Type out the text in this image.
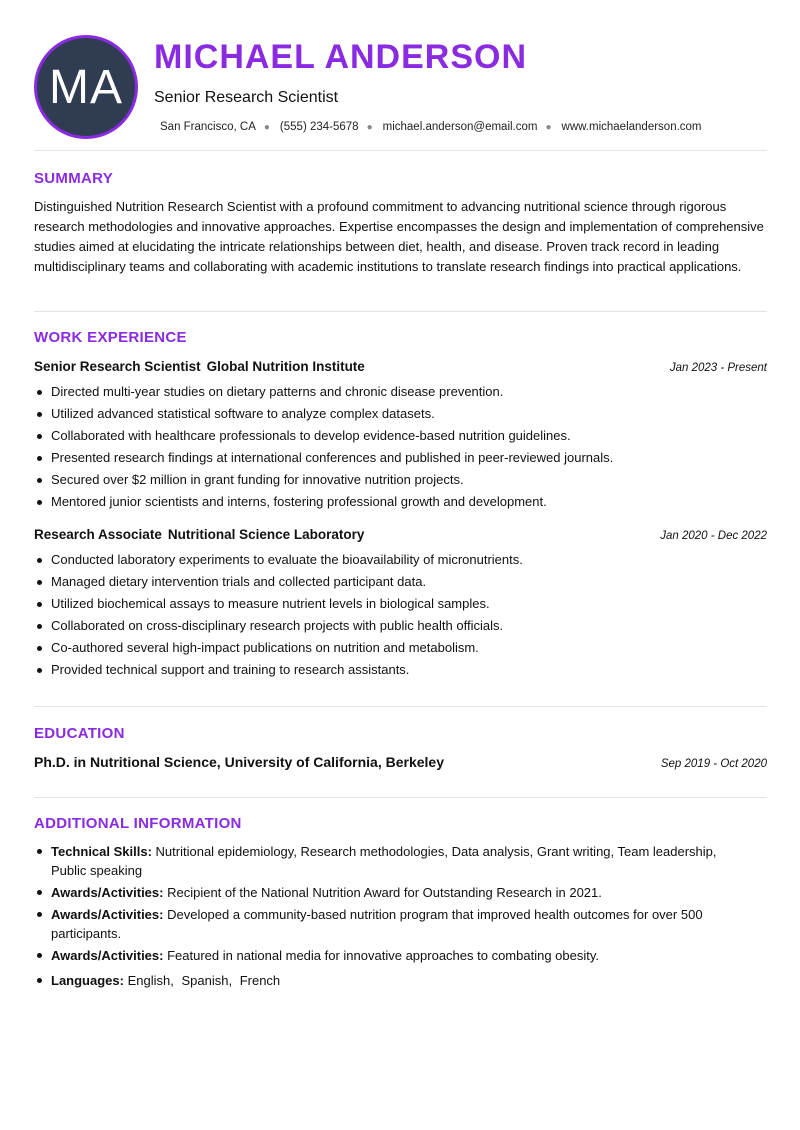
MA
MICHAEL ANDERSON
Senior Research Scientist
San Francisco, CA ● (555) 234-5678 ● michael.anderson@email.com ● www.michaelanderson.com
SUMMARY
Distinguished Nutrition Research Scientist with a profound commitment to advancing nutritional science through rigorous research methodologies and innovative approaches. Expertise encompasses the design and implementation of comprehensive studies aimed at elucidating the intricate relationships between diet, health, and disease. Proven track record in leading multidisciplinary teams and collaborating with academic institutions to translate research findings into practical applications.
WORK EXPERIENCE
Senior Research Scientist Global Nutrition Institute	Jan 2023 - Present
Directed multi-year studies on dietary patterns and chronic disease prevention.
Utilized advanced statistical software to analyze complex datasets.
Collaborated with healthcare professionals to develop evidence-based nutrition guidelines.
Presented research findings at international conferences and published in peer-reviewed journals.
Secured over $2 million in grant funding for innovative nutrition projects.
Mentored junior scientists and interns, fostering professional growth and development.
Research Associate Nutritional Science Laboratory	Jan 2020 - Dec 2022
Conducted laboratory experiments to evaluate the bioavailability of micronutrients.
Managed dietary intervention trials and collected participant data.
Utilized biochemical assays to measure nutrient levels in biological samples.
Collaborated on cross-disciplinary research projects with public health officials.
Co-authored several high-impact publications on nutrition and metabolism.
Provided technical support and training to research assistants.
EDUCATION
Ph.D. in Nutritional Science, University of California, Berkeley	Sep 2019 - Oct 2020
ADDITIONAL INFORMATION
Technical Skills: Nutritional epidemiology, Research methodologies, Data analysis, Grant writing, Team leadership, Public speaking
Awards/Activities: Recipient of the National Nutrition Award for Outstanding Research in 2021.
Awards/Activities: Developed a community-based nutrition program that improved health outcomes for over 500 participants.
Awards/Activities: Featured in national media for innovative approaches to combating obesity.
Languages: English, Spanish, French
